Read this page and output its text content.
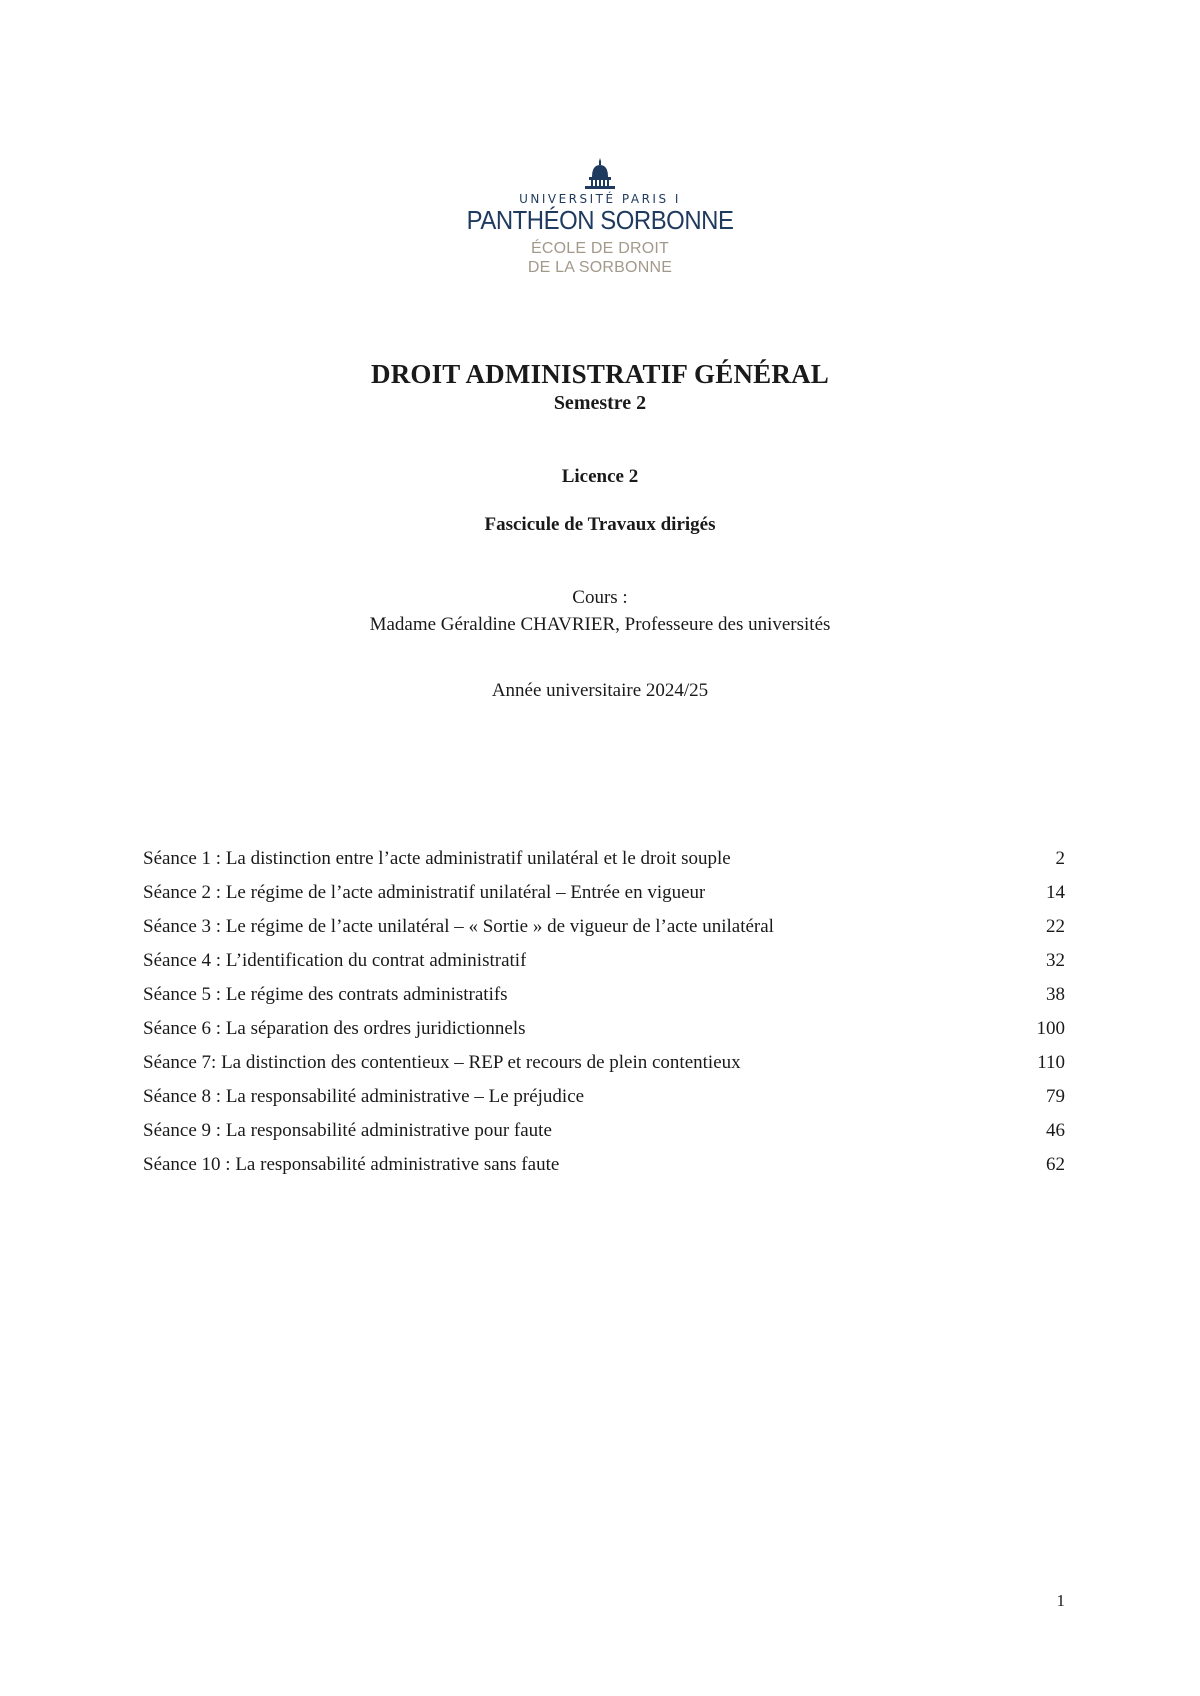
UNIVERSITÉ PARIS I
PANTHÉON SORBONNE
ÉCOLE DE DROIT
DE LA SORBONNE
DROIT ADMINISTRATIF GÉNÉRAL
Semestre 2
Licence 2
Fascicule de Travaux dirigés
Cours :
Madame Géraldine CHAVRIER, Professeure des universités
Année universitaire 2024/25
Séance 1 : La distinction entre l’acte administratif unilatéral et le droit souple	2
Séance 2 : Le régime de l’acte administratif unilatéral – Entrée en vigueur	14
Séance 3 : Le régime de l’acte unilatéral – « Sortie » de vigueur de l’acte unilatéral	22
Séance 4 : L’identification du contrat administratif	32
Séance 5 : Le régime des contrats administratifs	38
Séance 6 : La séparation des ordres juridictionnels	100
Séance 7: La distinction des contentieux – REP et recours de plein contentieux	110
Séance 8 : La responsabilité administrative – Le préjudice	79
Séance 9 : La responsabilité administrative pour faute	46
Séance 10 : La responsabilité administrative sans faute	62
1
